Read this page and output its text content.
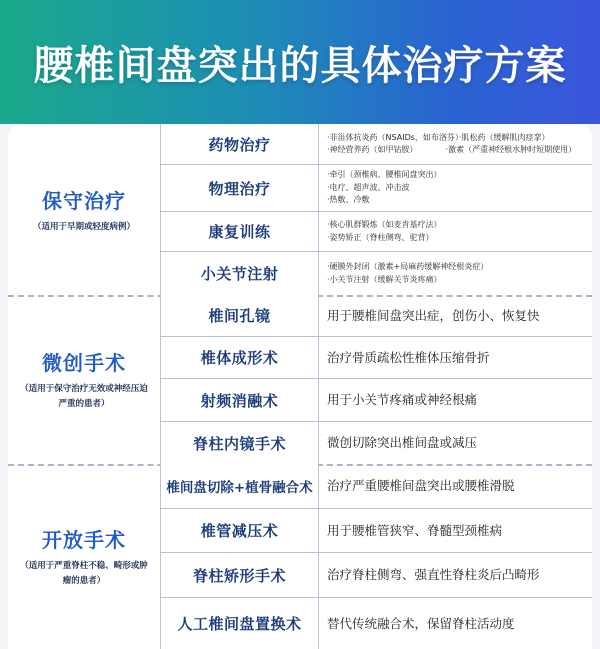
腰椎间盘突出的具体治疗方案
保守治疗
（适用于早期或轻度病例）
药物治疗	·非甾体抗炎药（NSAIDs，如布洛芬）·肌松药（缓解肌肉痉挛）
·神经营养药（如甲钴胺）　　　　·激素（严重神经根水肿时短期使用）
物理治疗
·牵引（颈椎病、腰椎间盘突出）
·电疗、超声波、冲击波
·热敷、冷敷
康复训练	·核心肌群锻炼（如麦肯基疗法）
·姿势矫正（脊柱侧弯、驼背）
小关节注射	·硬膜外封闭（激素+局麻药缓解神经根炎症）
·小关节注射（缓解关节炎疼痛）
微创手术
（适用于保守治疗无效或神经压迫严重的患者）
椎间孔镜	用于腰椎间盘突出症，创伤小、恢复快
椎体成形术	治疗骨质疏松性椎体压缩骨折
射频消融术	用于小关节疼痛或神经根痛
脊柱内镜手术	微创切除突出椎间盘或减压
开放手术
（适用于严重脊柱不稳、畸形或肿瘤的患者）
椎间盘切除+植骨融合术	治疗严重腰椎间盘突出或腰椎滑脱
椎管减压术	用于腰椎管狭窄、脊髓型颈椎病
脊柱矫形手术	治疗脊柱侧弯、强直性脊柱炎后凸畸形
人工椎间盘置换术	替代传统融合术，保留脊柱活动度
